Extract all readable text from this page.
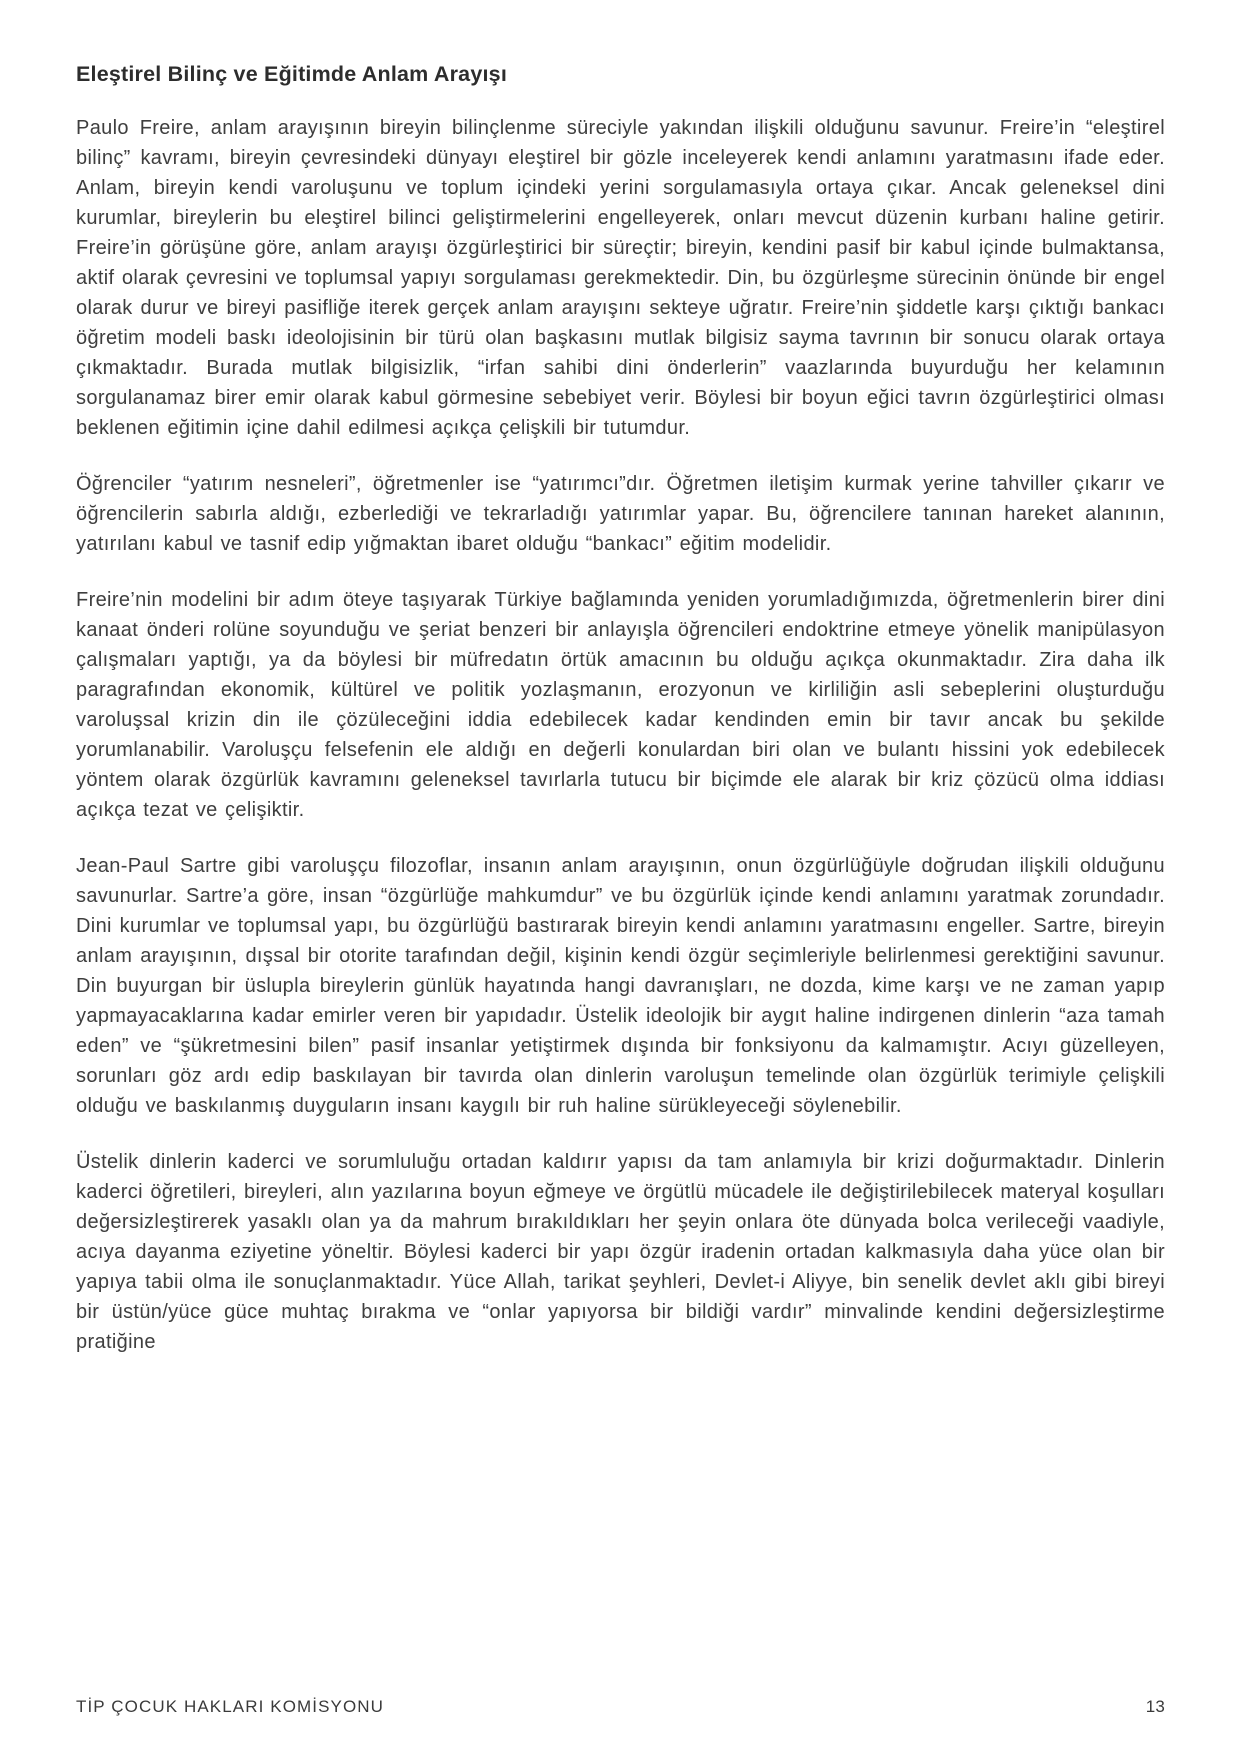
Eleştirel Bilinç ve Eğitimde Anlam Arayışı

Paulo Freire, anlam arayışının bireyin bilinçlenme süreciyle yakından ilişkili olduğunu savunur. Freire’in “eleştirel bilinç” kavramı, bireyin çevresindeki dünyayı eleştirel bir gözle inceleyerek kendi anlamını yaratmasını ifade eder. Anlam, bireyin kendi varoluşunu ve toplum içindeki yerini sorgulamasıyla ortaya çıkar. Ancak geleneksel dini kurumlar, bireylerin bu eleştirel bilinci geliştirmelerini engelleyerek, onları mevcut düzenin kurbanı haline getirir. Freire’in görüşüne göre, anlam arayışı özgürleştirici bir süreçtir; bireyin, kendini pasif bir kabul içinde bulmaktansa, aktif olarak çevresini ve toplumsal yapıyı sorgulaması gerekmektedir. Din, bu özgürleşme sürecinin önünde bir engel olarak durur ve bireyi pasifliğe iterek gerçek anlam arayışını sekteye uğratır. Freire’nin şiddetle karşı çıktığı bankacı öğretim modeli baskı ideolojisinin bir türü olan başkasını mutlak bilgisiz sayma tavrının bir sonucu olarak ortaya çıkmaktadır. Burada mutlak bilgisizlik, “irfan sahibi dini önderlerin” vaazlarında buyurduğu her kelamının sorgulanamaz birer emir olarak kabul görmesine sebebiyet verir. Böylesi bir boyun eğici tavrın özgürleştirici olması beklenen eğitimin içine dahil edilmesi açıkça çelişkili bir tutumdur.

Öğrenciler “yatırım nesneleri”, öğretmenler ise “yatırımcı”dır. Öğretmen iletişim kurmak yerine tahviller çıkarır ve öğrencilerin sabırla aldığı, ezberlediği ve tekrarladığı yatırımlar yapar. Bu, öğrencilere tanınan hareket alanının, yatırılanı kabul ve tasnif edip yığmaktan ibaret olduğu “bankacı” eğitim modelidir.

Freire’nin modelini bir adım öteye taşıyarak Türkiye bağlamında yeniden yorumladığımızda, öğretmenlerin birer dini kanaat önderi rolüne soyunduğu ve şeriat benzeri bir anlayışla öğrencileri endoktrine etmeye yönelik manipülasyon çalışmaları yaptığı, ya da böylesi bir müfredatın örtük amacının bu olduğu açıkça okunmaktadır. Zira daha ilk paragrafından ekonomik, kültürel ve politik yozlaşmanın, erozyonun ve kirliliğin asli sebeplerini oluşturduğu varoluşsal krizin din ile çözüleceğini iddia edebilecek kadar kendinden emin bir tavır ancak bu şekilde yorumlanabilir. Varoluşçu felsefenin ele aldığı en değerli konulardan biri olan ve bulantı hissini yok edebilecek yöntem olarak özgürlük kavramını geleneksel tavırlarla tutucu bir biçimde ele alarak bir kriz çözücü olma iddiası açıkça tezat ve çelişiktir.

Jean-Paul Sartre gibi varoluşçu filozoflar, insanın anlam arayışının, onun özgürlüğüyle doğrudan ilişkili olduğunu savunurlar. Sartre’a göre, insan “özgürlüğe mahkumdur” ve bu özgürlük içinde kendi anlamını yaratmak zorundadır. Dini kurumlar ve toplumsal yapı, bu özgürlüğü bastırarak bireyin kendi anlamını yaratmasını engeller. Sartre, bireyin anlam arayışının, dışsal bir otorite tarafından değil, kişinin kendi özgür seçimleriyle belirlenmesi gerektiğini savunur. Din buyurgan bir üslupla bireylerin günlük hayatında hangi davranışları, ne dozda, kime karşı ve ne zaman yapıp yapmayacaklarına kadar emirler veren bir yapıdadır. Üstelik ideolojik bir aygıt haline indirgenen dinlerin “aza tamah eden” ve “şükretmesini bilen” pasif insanlar yetiştirmek dışında bir fonksiyonu da kalmamıştır. Acıyı güzelleyen, sorunları göz ardı edip baskılayan bir tavırda olan dinlerin varoluşun temelinde olan özgürlük terimiyle çelişkili olduğu ve baskılanmış duyguların insanı kaygılı bir ruh haline sürükleyeceği söylenebilir.

Üstelik dinlerin kaderci ve sorumluluğu ortadan kaldırır yapısı da tam anlamıyla bir krizi doğurmaktadır. Dinlerin kaderci öğretileri, bireyleri, alın yazılarına boyun eğmeye ve örgütlü mücadele ile değiştirilebilecek materyal koşulları değersizleştirerek yasaklı olan ya da mahrum bırakıldıkları her şeyin onlara öte dünyada bolca verileceği vaadiyle, acıya dayanma eziyetine yöneltir. Böylesi kaderci bir yapı özgür iradenin ortadan kalkmasıyla daha yüce olan bir yapıya tabii olma ile sonuçlanmaktadır. Yüce Allah, tarikat şeyhleri, Devlet-i Aliyye, bin senelik devlet aklı gibi bireyi bir üstün/yüce güce muhtaç bırakma ve “onlar yapıyorsa bir bildiği vardır” minvalinde kendini değersizleştirme pratiğine

TİP ÇOCUK HAKLARI KOMİSYONU	13
